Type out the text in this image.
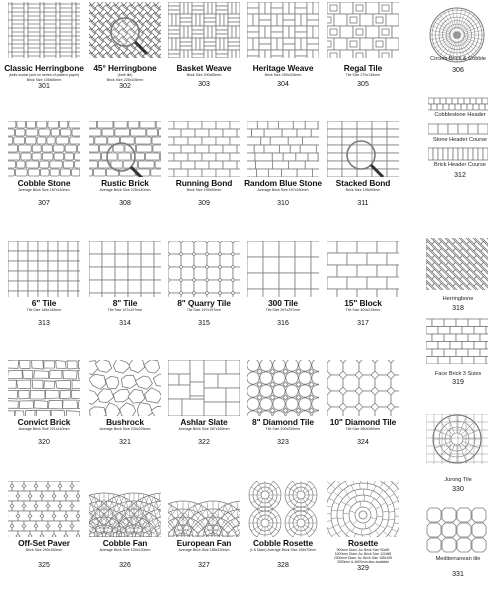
Classic Herringbone
(sells mortar joint on series of pattern paper)
Brick Size 105x65mm
301
45° Herringbone
(both tile)
Brick Size 225x105mm
302
Basket Weave
Brick Size 200x65mm
303
Heritage Weave
Brick Size 295x105mm
304
Regal Tile
Tile Size 270x145mm
305
Cobble Stone
Average Brick Size 187x140mm
307
Rustic Brick
Average Brick Size 225x140mm
308
Running Bond
Brick Size 195x90mm
309
Random Blue Stone
Average Brick Size 197x160mm
310
Stacked Bond
Brick Size 195x90mm
311
6" Tile
Tile Size 145x145mm
313
8" Tile
Tile Size 197x197mm
314
8" Quarry Tile
Tile Size 197x197mm
315
300 Tile
Tile Size 297x297mm
316
15" Block
Tile Size 400x215mm
317
Convict Brick
Average Brick Size 221x140mm
320
Bushrock
Average Brick Size 230x225mm
321
Ashlar Slate
Average Brick Size 287x165mm
322
8" Diamond Tile
Tile Size 200x200mm
323
10" Diamond Tile
Tile Size 260x260mm
324
Off-Set Paver
Brick Size 290x150mm
325
Cobble Fan
Average Brick Size 130x130mm
326
European Fan
Average Brick Size 185x130mm
327
Cobble Rosette
(1.6 Diam) Average Brick Size 165x70mm
328
Rosette
900mm Diam. Av. Brick Size 90x65
1600mm Diam. Av. Brick Size 122x88
2300mm Diam. Av. Brick Size 155x105
3300mm & 4600mm also available
329
Circles Brick & Cobble
306
Cobblestone Header
Stone Header Course
Brick Header Course
312
Herringbone
318
Face Brick 3 Sizes
319
Jurong Tile
330
Mediterranean tile
331
